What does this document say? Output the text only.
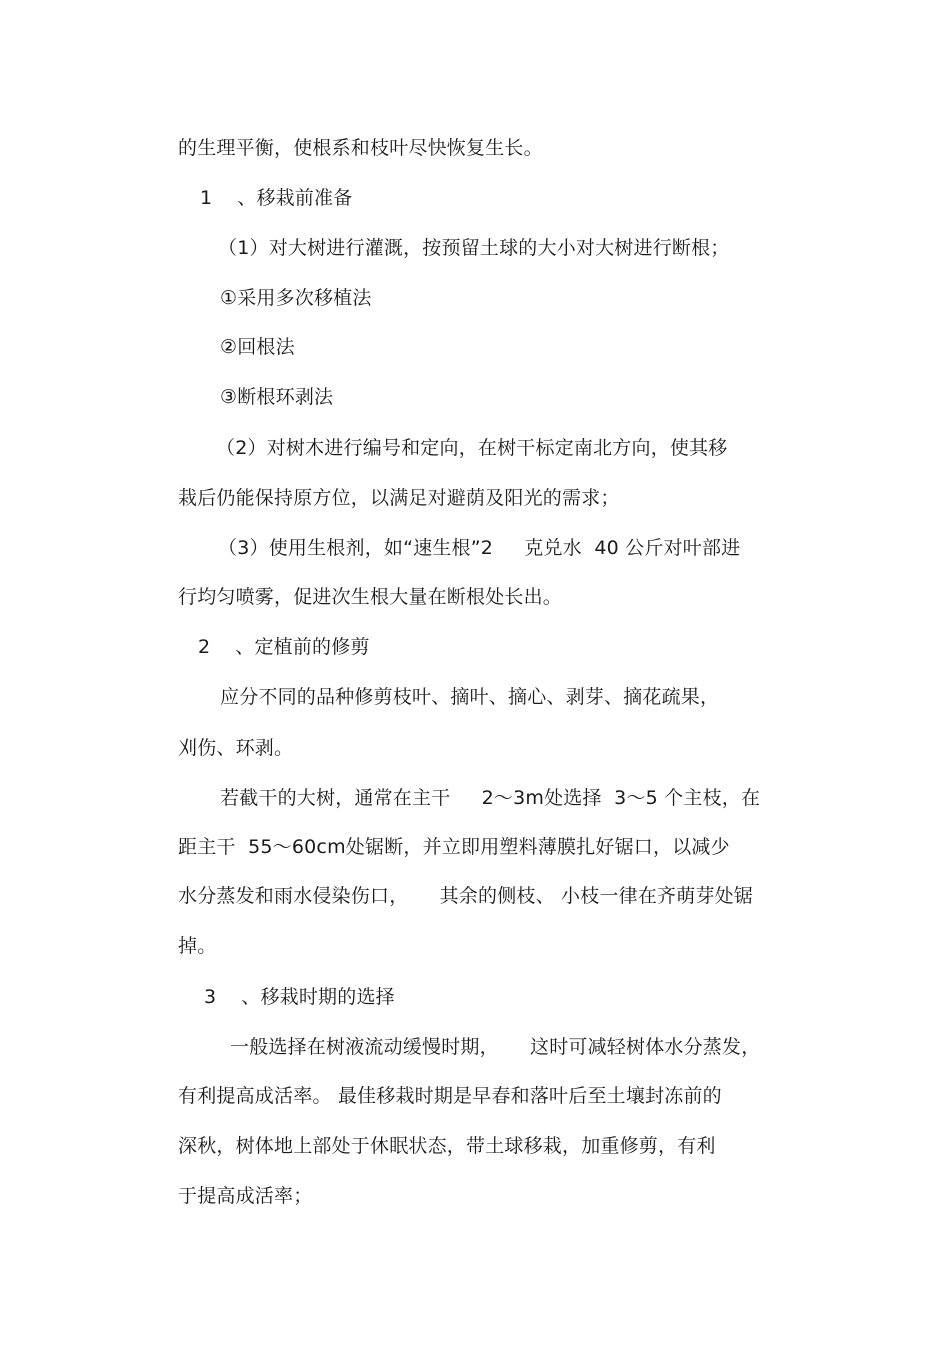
的生理平衡，使根系和枝叶尽快恢复生长。
1    、移栽前准备
（1）对大树进行灌溉，按预留土球的大小对大树进行断根；
①采用多次移植法
②回根法
③断根环剥法
（2）对树木进行编号和定向，在树干标定南北方向，使其移
栽后仍能保持原方位，以满足对避荫及阳光的需求；
（3）使用生根剂，如“速生根”2     克兑水  40 公斤对叶部进
行均匀喷雾，促进次生根大量在断根处长出。
2    、定植前的修剪
应分不同的品种修剪枝叶、摘叶、摘心、剥芽、摘花疏果，
刈伤、环剥。
若截干的大树，通常在主干     2～3m处选择  3～5 个主枝，在
距主干  55～60cm处锯断，并立即用塑料薄膜扎好锯口，以减少
水分蒸发和雨水侵染伤口，     其余的侧枝、 小枝一律在齐萌芽处锯
掉。
3    、移栽时期的选择
一般选择在树液流动缓慢时期，     这时可减轻树体水分蒸发，
有利提高成活率。 最佳移栽时期是早春和落叶后至土壤封冻前的
深秋，树体地上部处于休眠状态，带土球移栽，加重修剪，有利
于提高成活率；
